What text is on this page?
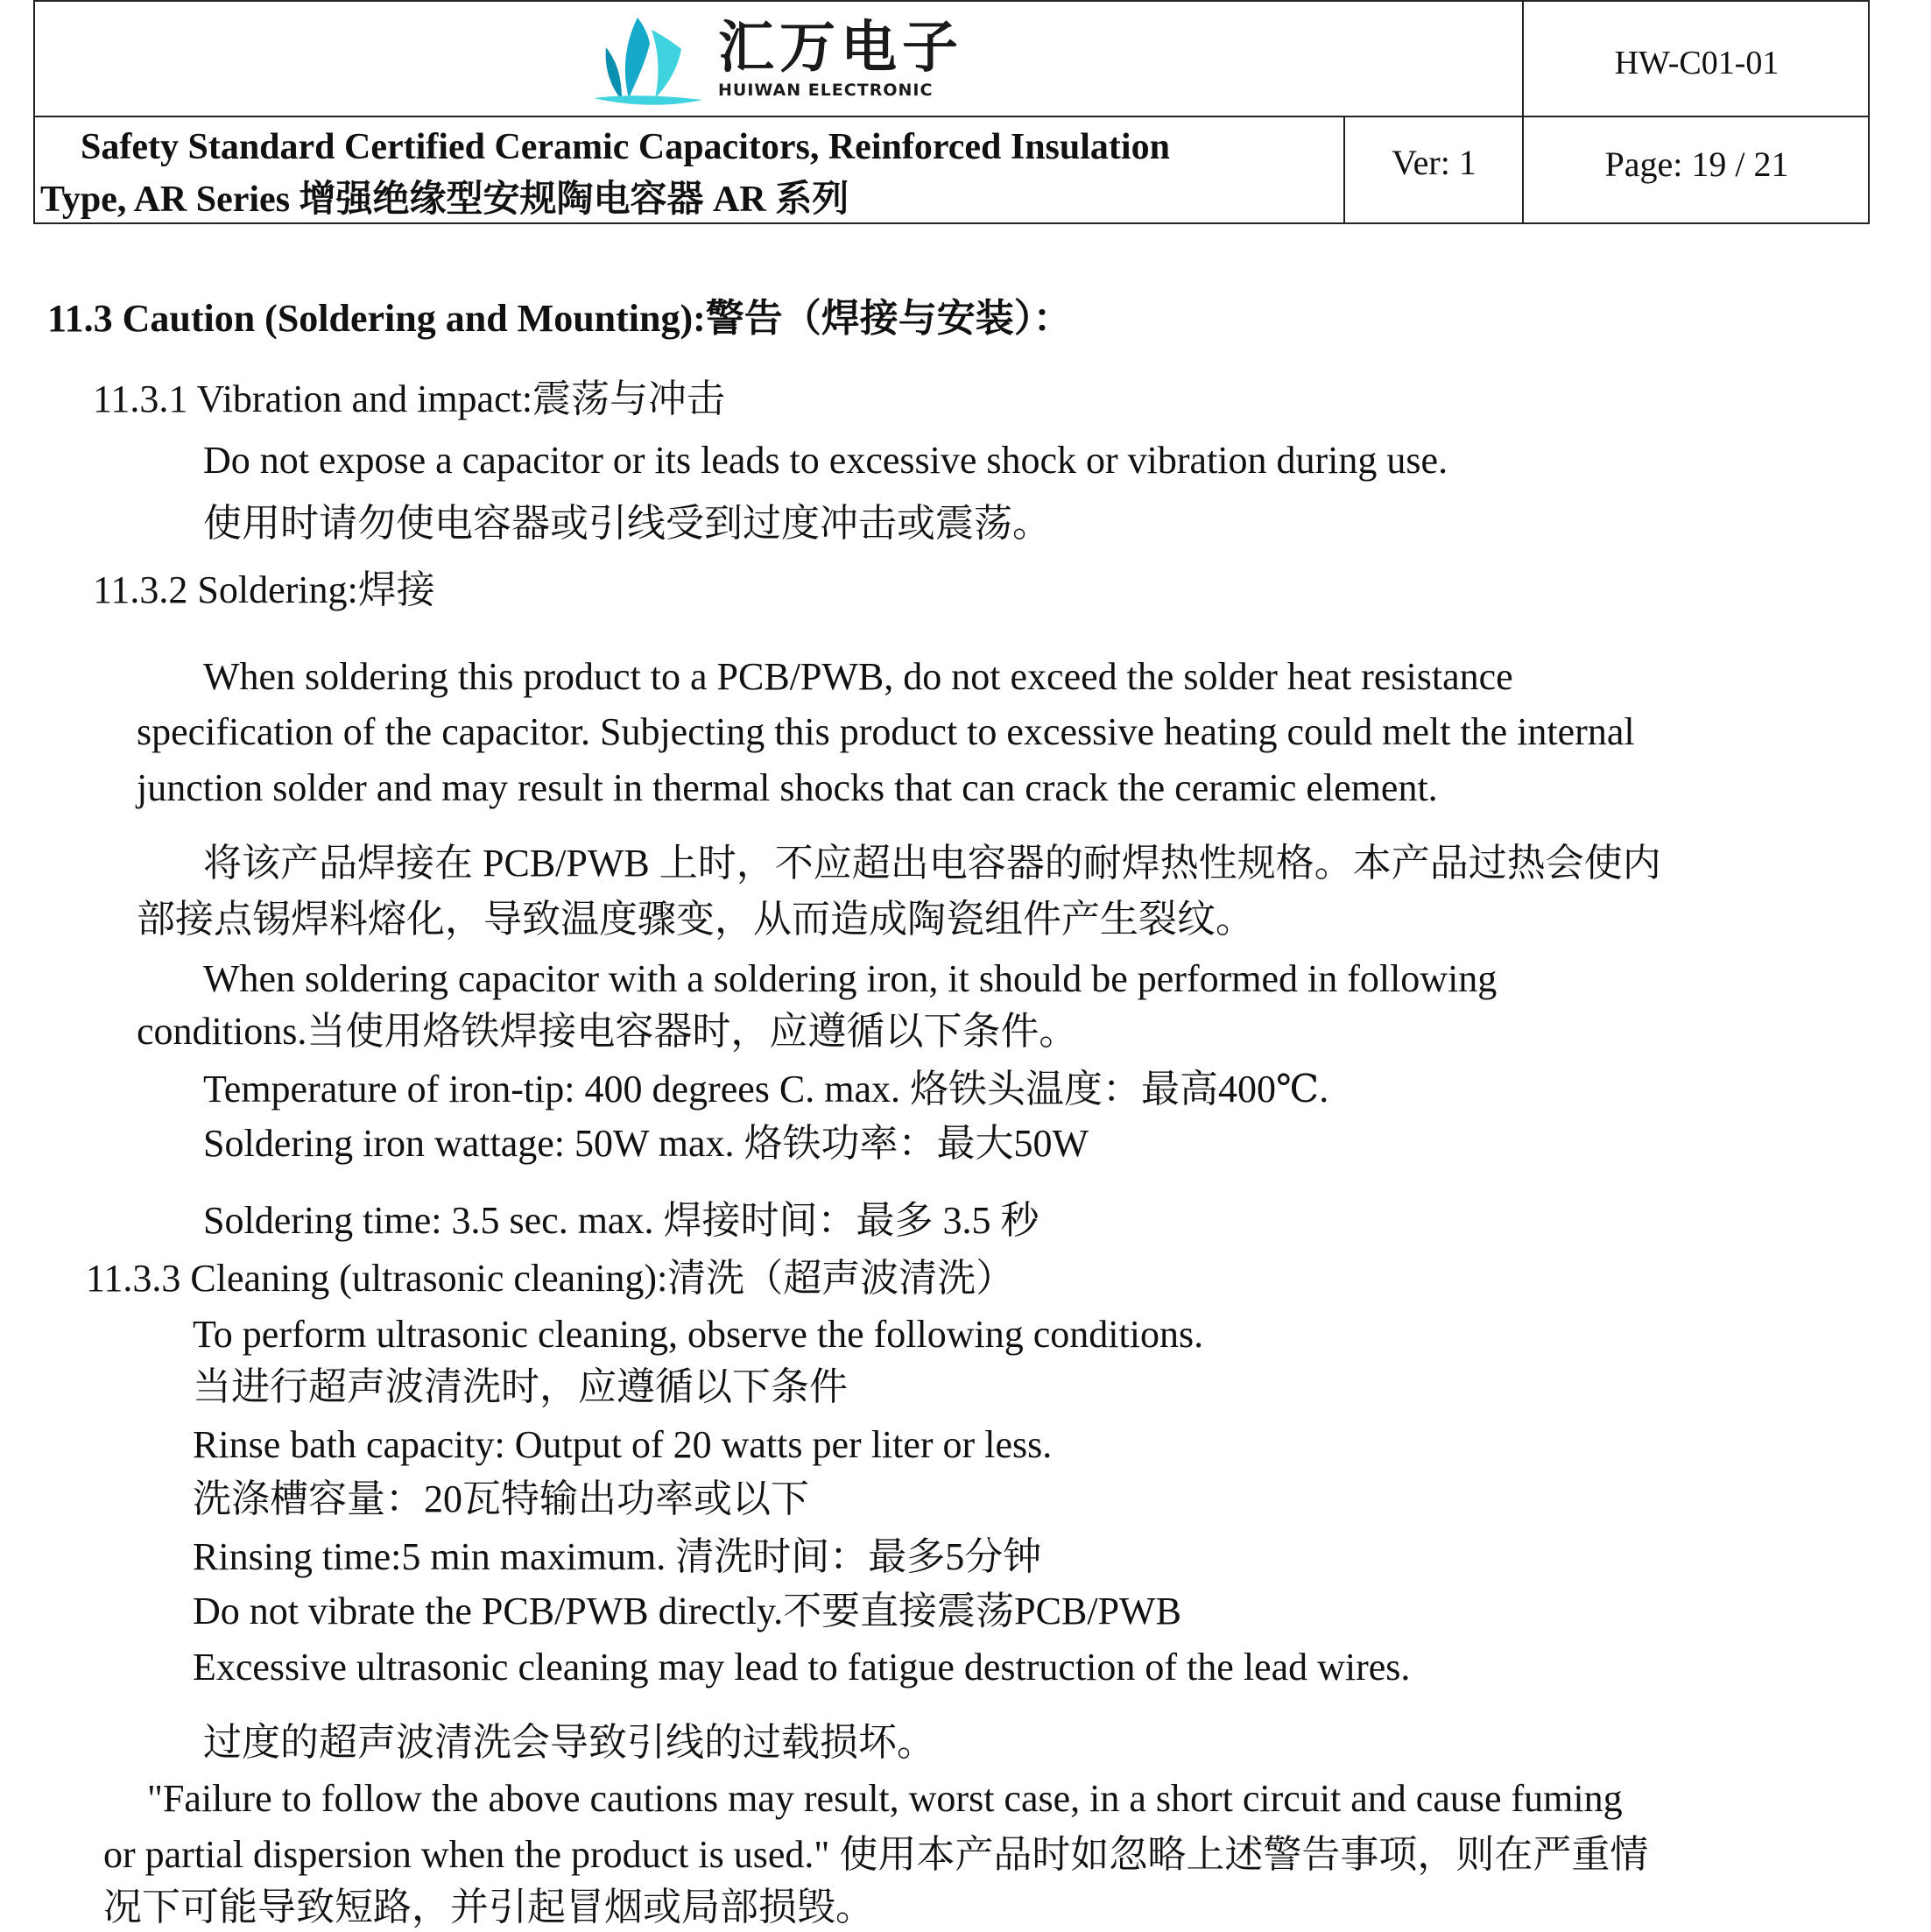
汇万电子
HUIWAN ELECTRONIC
HW-C01-01
Safety Standard Certified Ceramic Capacitors, Reinforced Insulation
Type, AR Series 增强绝缘型安规陶电容器 AR 系列
Ver: 1	Page: 19 / 21
11.3 Caution (Soldering and Mounting):警告（焊接与安装）：
11.3.1 Vibration and impact:震荡与冲击
Do not expose a capacitor or its leads to excessive shock or vibration during use.
使用时请勿使电容器或引线受到过度冲击或震荡。
11.3.2 Soldering:焊接
When soldering this product to a PCB/PWB, do not exceed the solder heat resistance
specification of the capacitor. Subjecting this product to excessive heating could melt the internal
junction solder and may result in thermal shocks that can crack the ceramic element.
将该产品焊接在 PCB/PWB 上时，不应超出电容器的耐焊热性规格。本产品过热会使内
部接点锡焊料熔化，导致温度骤变，从而造成陶瓷组件产生裂纹。
When soldering capacitor with a soldering iron, it should be performed in following
conditions.当使用烙铁焊接电容器时，应遵循以下条件。
Temperature of iron-tip: 400 degrees C. max. 烙铁头温度：最高400℃.
Soldering iron wattage: 50W max. 烙铁功率：最大50W
Soldering time: 3.5 sec. max. 焊接时间：最多 3.5 秒
11.3.3 Cleaning (ultrasonic cleaning):清洗（超声波清洗）
To perform ultrasonic cleaning, observe the following conditions.
当进行超声波清洗时，应遵循以下条件
Rinse bath capacity: Output of 20 watts per liter or less.
洗涤槽容量：20瓦特输出功率或以下
Rinsing time:5 min maximum. 清洗时间：最多5分钟
Do not vibrate the PCB/PWB directly.不要直接震荡PCB/PWB
Excessive ultrasonic cleaning may lead to fatigue destruction of the lead wires.
过度的超声波清洗会导致引线的过载损坏。
"Failure to follow the above cautions may result, worst case, in a short circuit and cause fuming
or partial dispersion when the product is used." 使用本产品时如忽略上述警告事项，则在严重情
况下可能导致短路，并引起冒烟或局部损毁。
